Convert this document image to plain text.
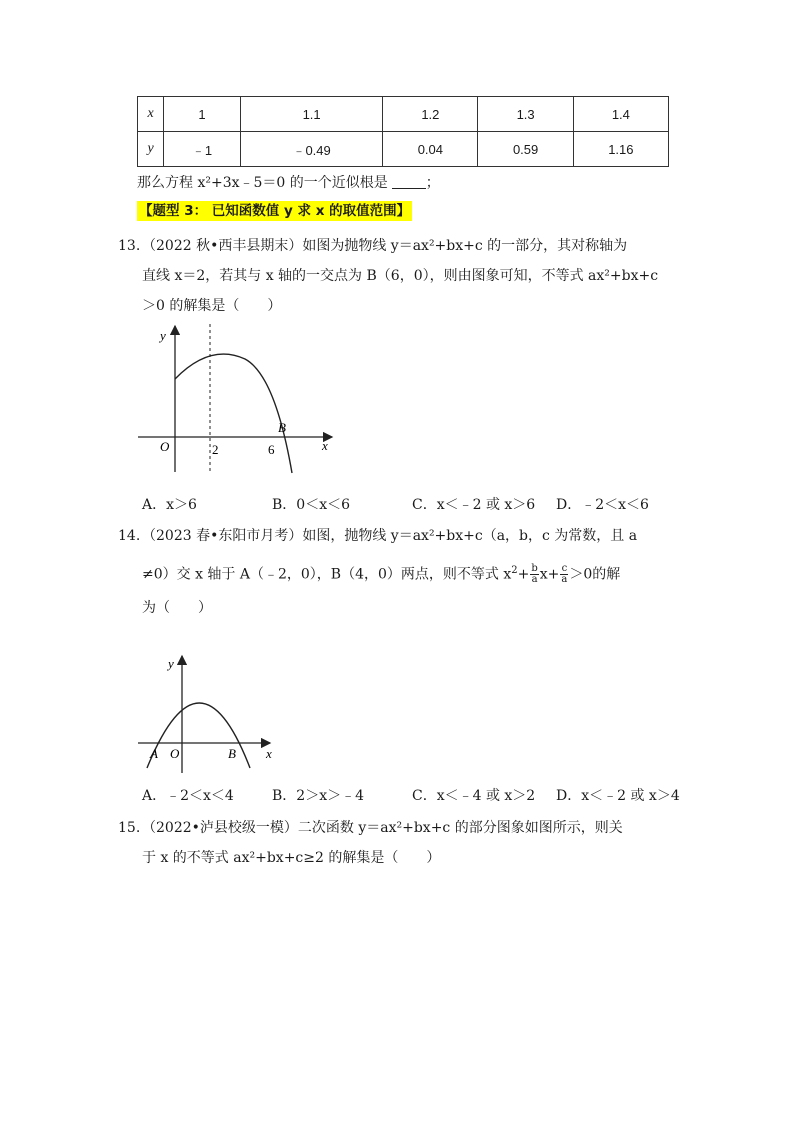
x	1	1.1	1.2	1.3	1.4
y	﹣1	﹣0.49	0.04	0.59	1.16
那么方程 x²+3x﹣5＝0 的一个近似根是	；
【题型 3： 已知函数值 y 求 x 的取值范围】
13. （2022 秋•西丰县期末）如图为抛物线 y＝ax²+bx+c 的一部分，其对称轴为
直线 x＝2，若其与 x 轴的一交点为 B（6，0），则由图象可知，不等式 ax²+bx+c
＞0 的解集是（　　）
y
x
O	2	6
B
A．x＞6	B．0＜x＜6	C．x＜﹣2 或 x＞6 D．﹣2＜x＜6
14. （2023 春•东阳市月考）如图，抛物线 y＝ax²+bx+c（a，b，c 为常数，且 a
≠0）交 x 轴于 A（﹣2，0），B（4，0）两点，则不等式 $x^2+ \frac{b}{a} x+ \frac{c}{a} >0$的解
为（　　）
y
x
O
A	B
A．﹣2＜x＜4	B．2＞x＞﹣4	C．x＜﹣4 或 x＞2 D．x＜﹣2 或 x＞4
15. （2022•泸县校级一模）二次函数 y＝ax²+bx+c 的部分图象如图所示，则关
于 x 的不等式 ax²+bx+c≥2 的解集是（　　）
